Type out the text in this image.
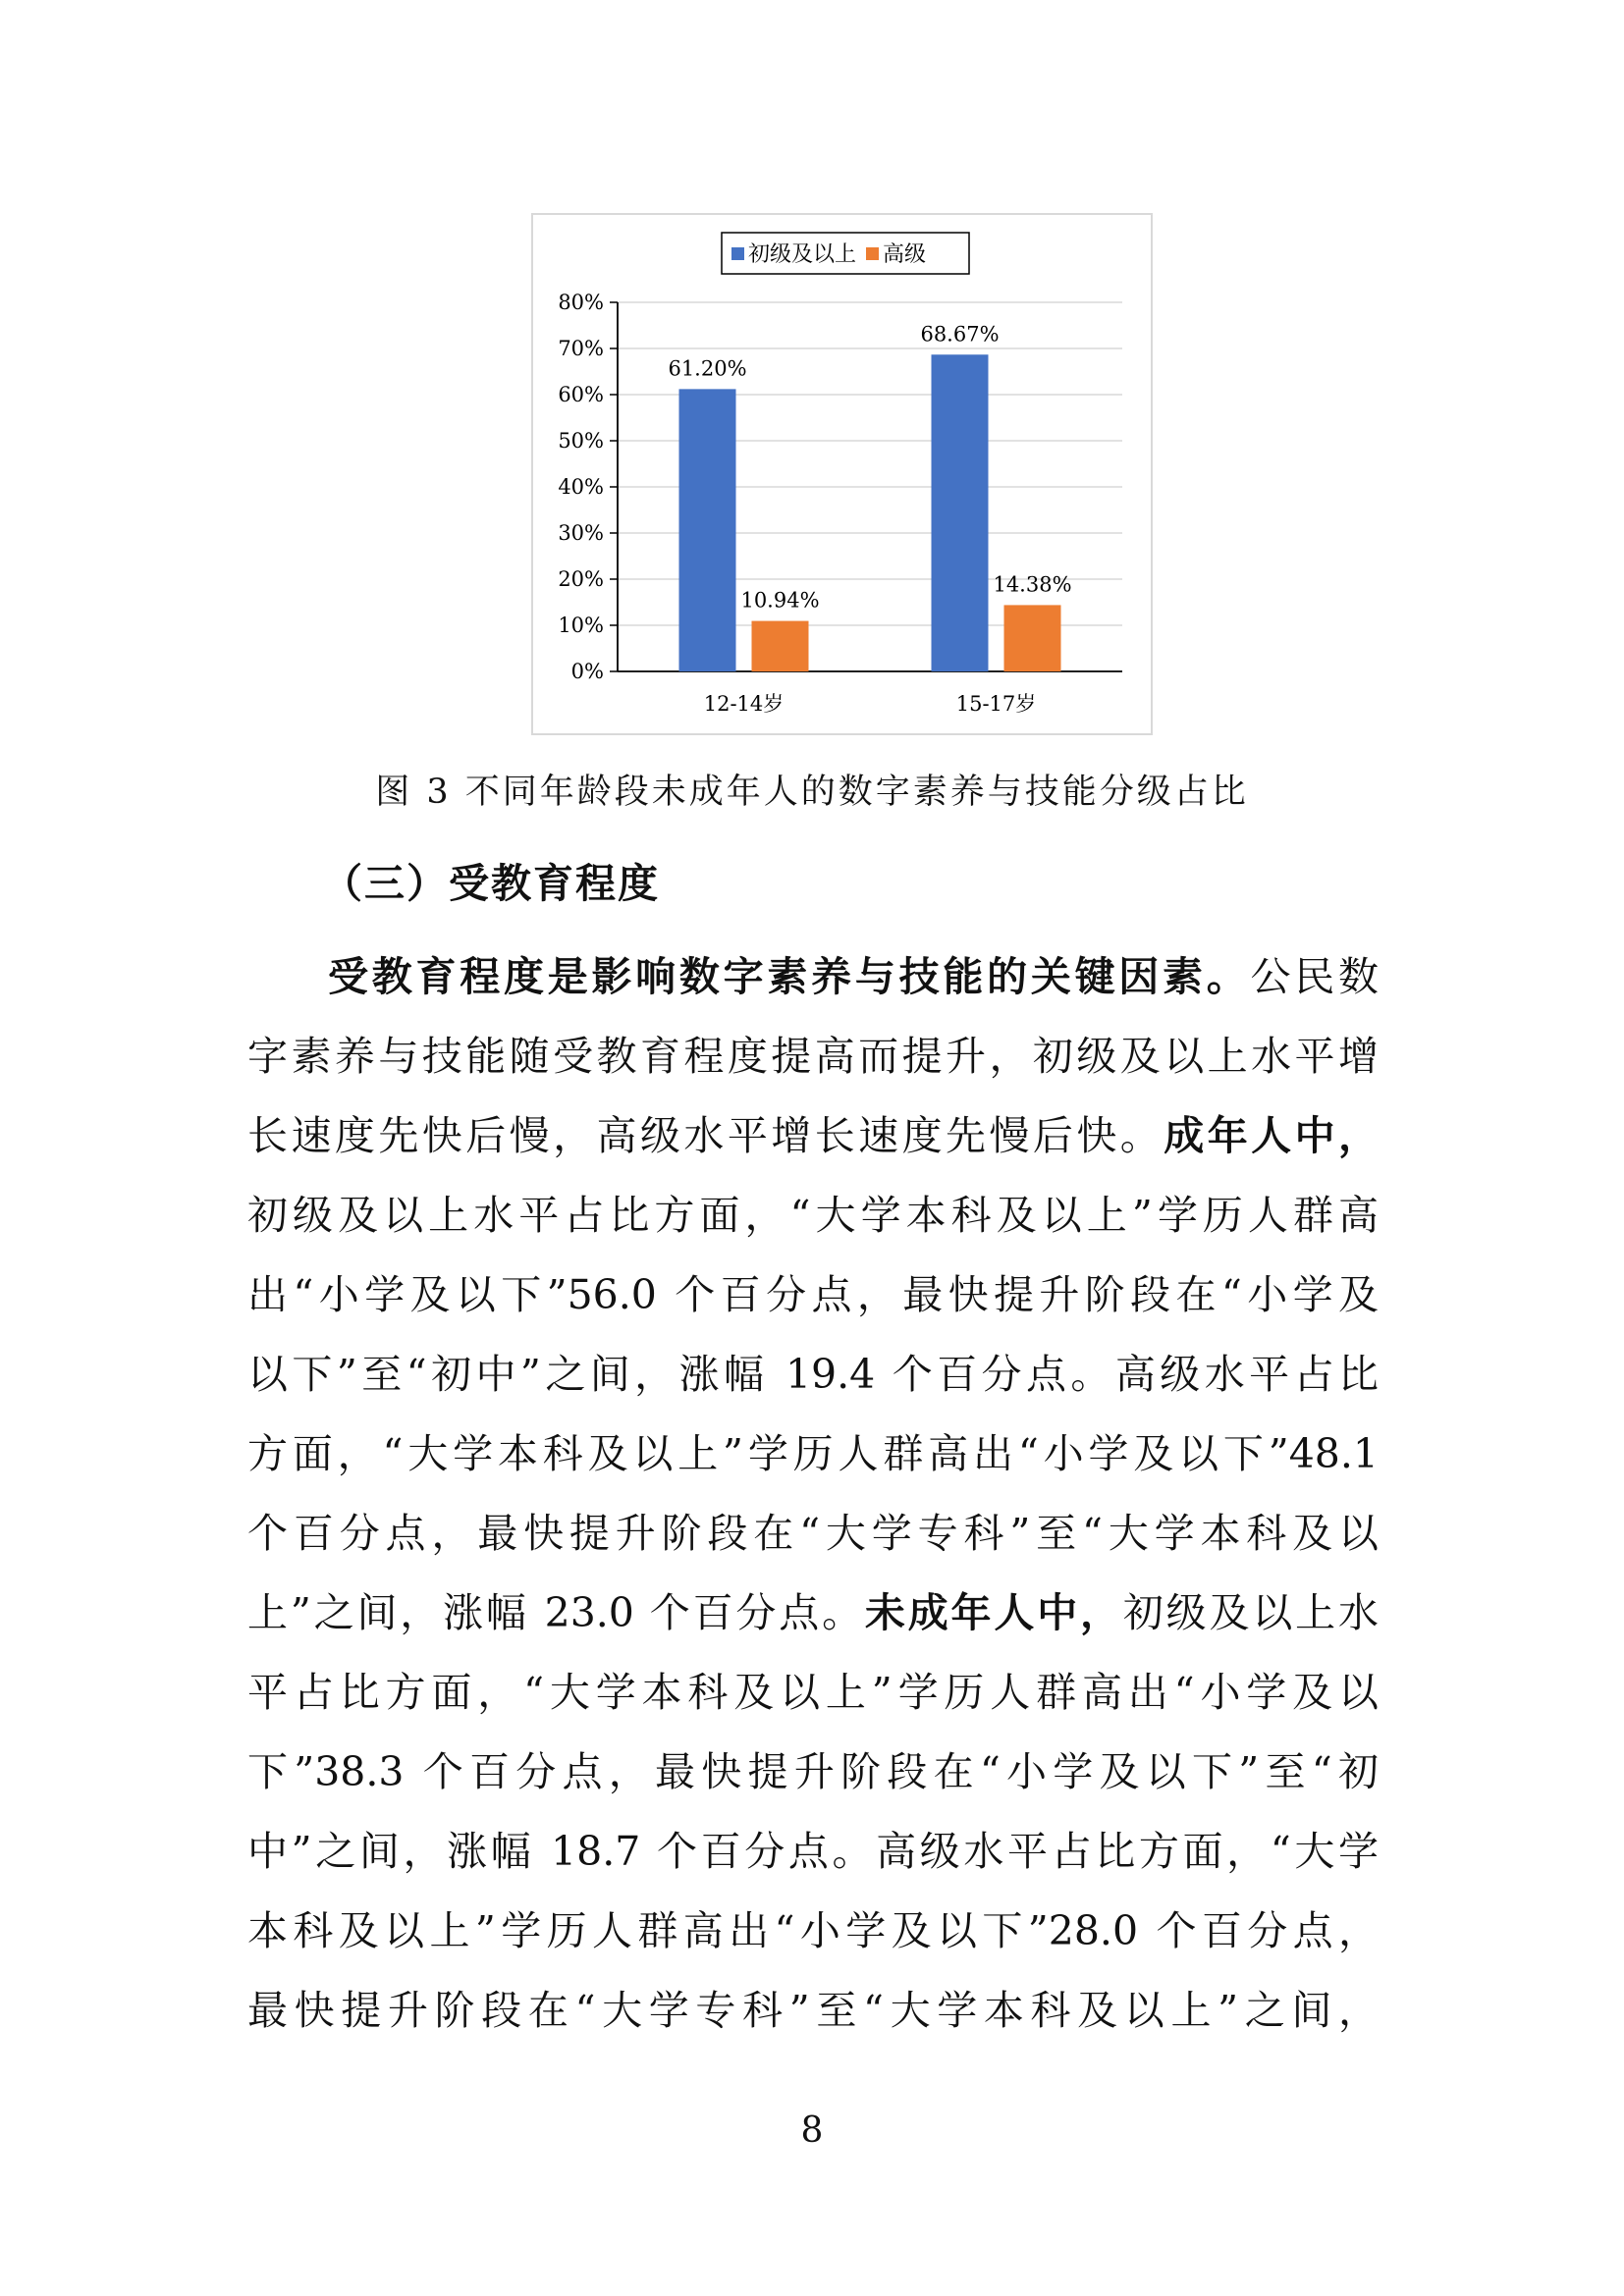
0%
10%
20%
30%
40%
50%
60%
70%
80%
61.20%
10.94%
12-14岁
68.67%
14.38%
15-17岁
初级及以上 高级
图 3 不同年龄段未成年人的数字素养与技能分级占比
（三）受教育程度
受教育程度是影响数字素养与技能的关键因素。公民数
字素养与技能随受教育程度提高而提升，初级及以上水平增
长速度先快后慢，高级水平增长速度先慢后快。成年人中，
初级及以上水平占比方面，“大学本科及以上”学历人群高
出“小学及以下”56.0 个百分点，最快提升阶段在“小学及
以下”至“初中”之间，涨幅 19.4 个百分点。高级水平占比
方面，“大学本科及以上”学历人群高出“小学及以下”48.1
个百分点，最快提升阶段在“大学专科”至“大学本科及以
上”之间，涨幅 23.0 个百分点。未成年人中，初级及以上水
平占比方面，“大学本科及以上”学历人群高出“小学及以
下”38.3 个百分点，最快提升阶段在“小学及以下”至“初
中”之间，涨幅 18.7 个百分点。高级水平占比方面，“大学
本科及以上”学历人群高出“小学及以下”28.0 个百分点，
最快提升阶段在“大学专科”至“大学本科及以上”之间，
8
